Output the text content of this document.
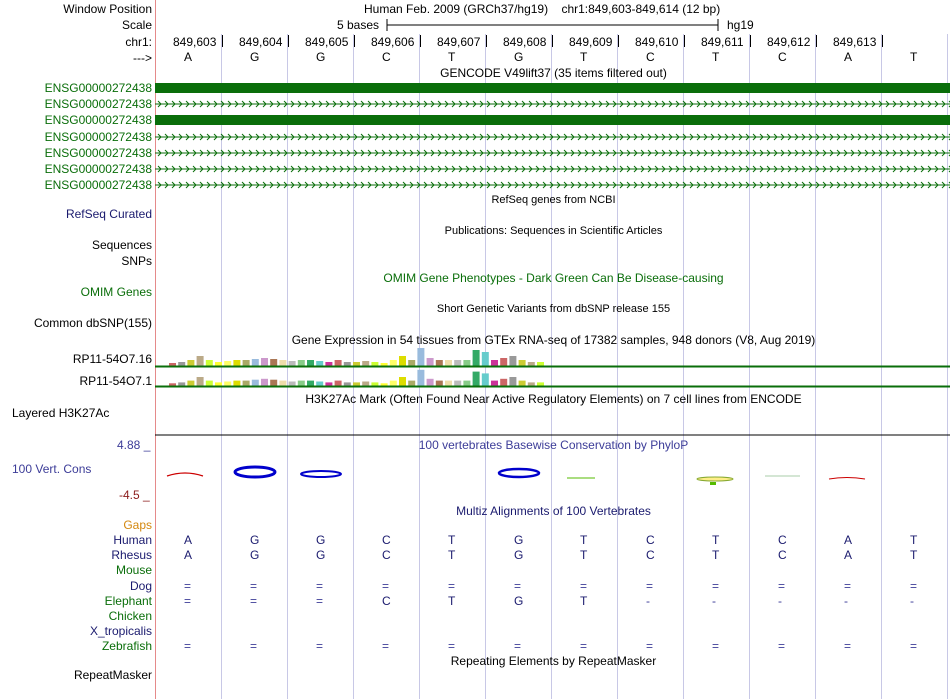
Window Position	Human Feb. 2009 (GRCh37/hg19)    chr1:849,603-849,614 (12 bp)
Scale	5 bases	hg19
chr1: 849,603 849,604 849,605 849,606 849,607 849,608 849,609 849,610 849,611 849,612 849,613
--->	A	G	G	C	T	G	T	C	T	C	A	T
GENCODE V49lift37 (35 items filtered out)
ENSG00000272438
ENSG00000272438
ENSG00000272438
ENSG00000272438
ENSG00000272438
ENSG00000272438
ENSG00000272438
RefSeq genes from NCBI
RefSeq Curated
Publications: Sequences in Scientific Articles
Sequences
SNPs
OMIM Gene Phenotypes - Dark Green Can Be Disease-causing
OMIM Genes
Short Genetic Variants from dbSNP release 155
Common dbSNP(155)
Gene Expression in 54 tissues from GTEx RNA-seq of 17382 samples, 948 donors (V8, Aug 2019)
RP11-54O7.16
RP11-54O7.1
H3K27Ac Mark (Often Found Near Active Regulatory Elements) on 7 cell lines from ENCODE
Layered H3K27Ac
100 vertebrates Basewise Conservation by PhyloP
4.88 _
100 Vert. Cons
-4.5 _
Multiz Alignments of 100 Vertebrates
Gaps
Human	A	G	G	C	T	G	T	C	T	C	A	T
Rhesus	A	G	G	C	T	G	T	C	T	C	A	T
Mouse
Dog	=	=	=	=	=	=	=	=	=	=	=	=
Elephant	=	=	=	C	T	G	T	-	-	-	-	-
Chicken
X_tropicalis
Zebrafish	=	=	=	=	=	=	=	=	=	=	=	=
Repeating Elements by RepeatMasker
RepeatMasker
